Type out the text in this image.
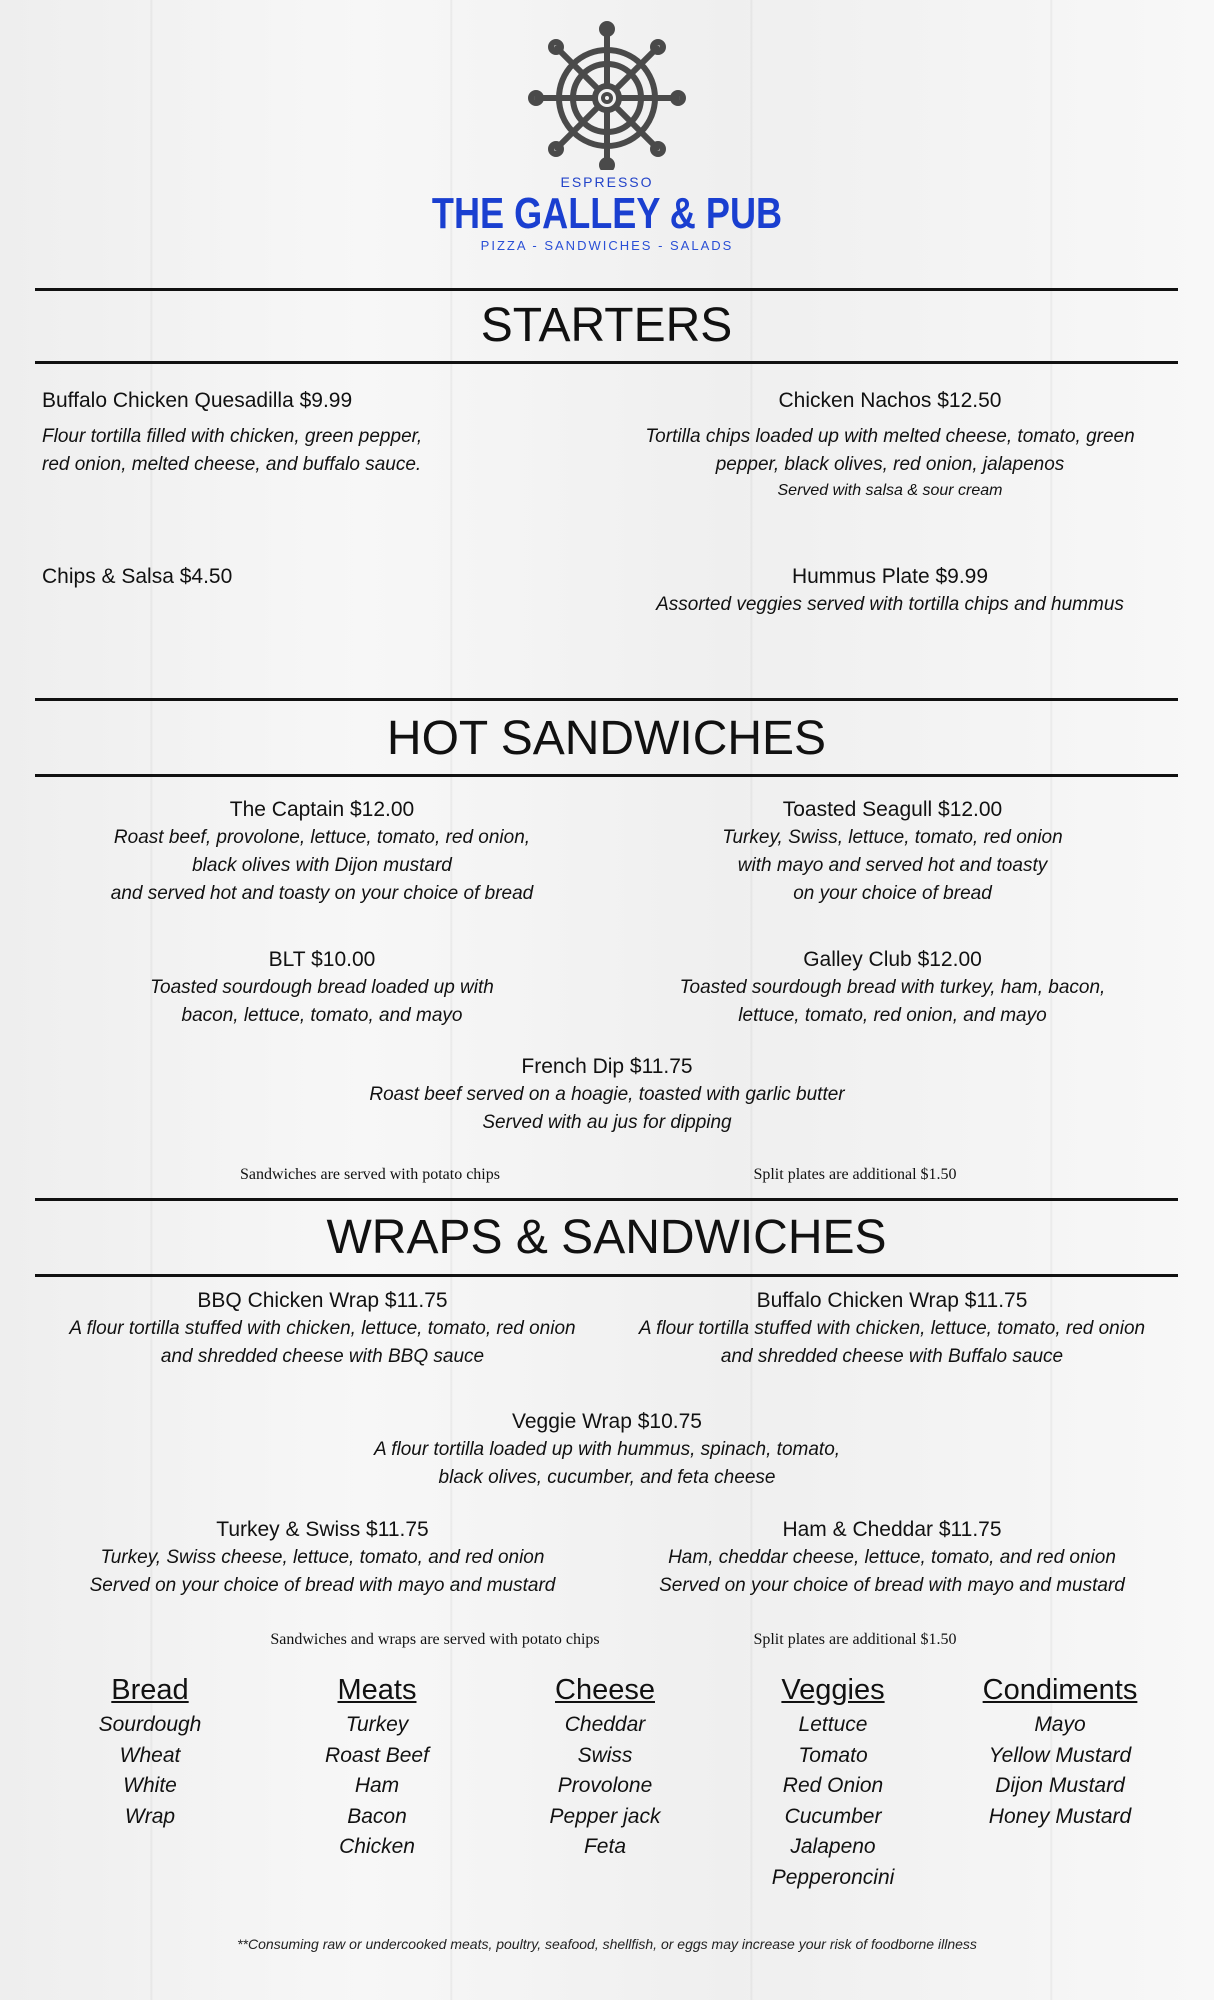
ESPRESSO
THE GALLEY & PUB
PIZZA - SANDWICHES - SALADS
STARTERS
Buffalo Chicken Quesadilla $9.99
Flour tortilla filled with chicken, green pepper,
red onion, melted cheese, and buffalo sauce.
Chicken Nachos $12.50
Tortilla chips loaded up with melted cheese, tomato, green
pepper, black olives, red onion, jalapenos
Served with salsa & sour cream
Chips & Salsa $4.50	Hummus Plate $9.99
Assorted veggies served with tortilla chips and hummus
HOT SANDWICHES
The Captain $12.00
Roast beef, provolone, lettuce, tomato, red onion,
black olives with Dijon mustard
and served hot and toasty on your choice of bread
Toasted Seagull $12.00
Turkey, Swiss, lettuce, tomato, red onion
with mayo and served hot and toasty
on your choice of bread
BLT $10.00
Toasted sourdough bread loaded up with
bacon, lettuce, tomato, and mayo
Galley Club $12.00
Toasted sourdough bread with turkey, ham, bacon,
lettuce, tomato, red onion, and mayo
French Dip $11.75
Roast beef served on a hoagie, toasted with garlic butter
Served with au jus for dipping
Sandwiches are served with potato chips	Split plates are additional $1.50
WRAPS & SANDWICHES
BBQ Chicken Wrap $11.75
A flour tortilla stuffed with chicken, lettuce, tomato, red onion
and shredded cheese with BBQ sauce
Buffalo Chicken Wrap $11.75
A flour tortilla stuffed with chicken, lettuce, tomato, red onion
and shredded cheese with Buffalo sauce
Veggie Wrap $10.75
A flour tortilla loaded up with hummus, spinach, tomato,
black olives, cucumber, and feta cheese
Turkey & Swiss $11.75
Turkey, Swiss cheese, lettuce, tomato, and red onion
Served on your choice of bread with mayo and mustard
Ham & Cheddar $11.75
Ham, cheddar cheese, lettuce, tomato, and red onion
Served on your choice of bread with mayo and mustard
Sandwiches and wraps are served with potato chips	Split plates are additional $1.50
Bread
Sourdough
Wheat
White
Wrap
Meats
Turkey
Roast Beef
Ham
Bacon
Chicken
Cheese
Cheddar
Swiss
Provolone
Pepper jack
Feta
Veggies
Lettuce
Tomato
Red Onion
Cucumber
Jalapeno
Pepperoncini
Condiments
Mayo
Yellow Mustard
Dijon Mustard
Honey Mustard
**Consuming raw or undercooked meats, poultry, seafood, shellfish, or eggs may increase your risk of foodborne illness
